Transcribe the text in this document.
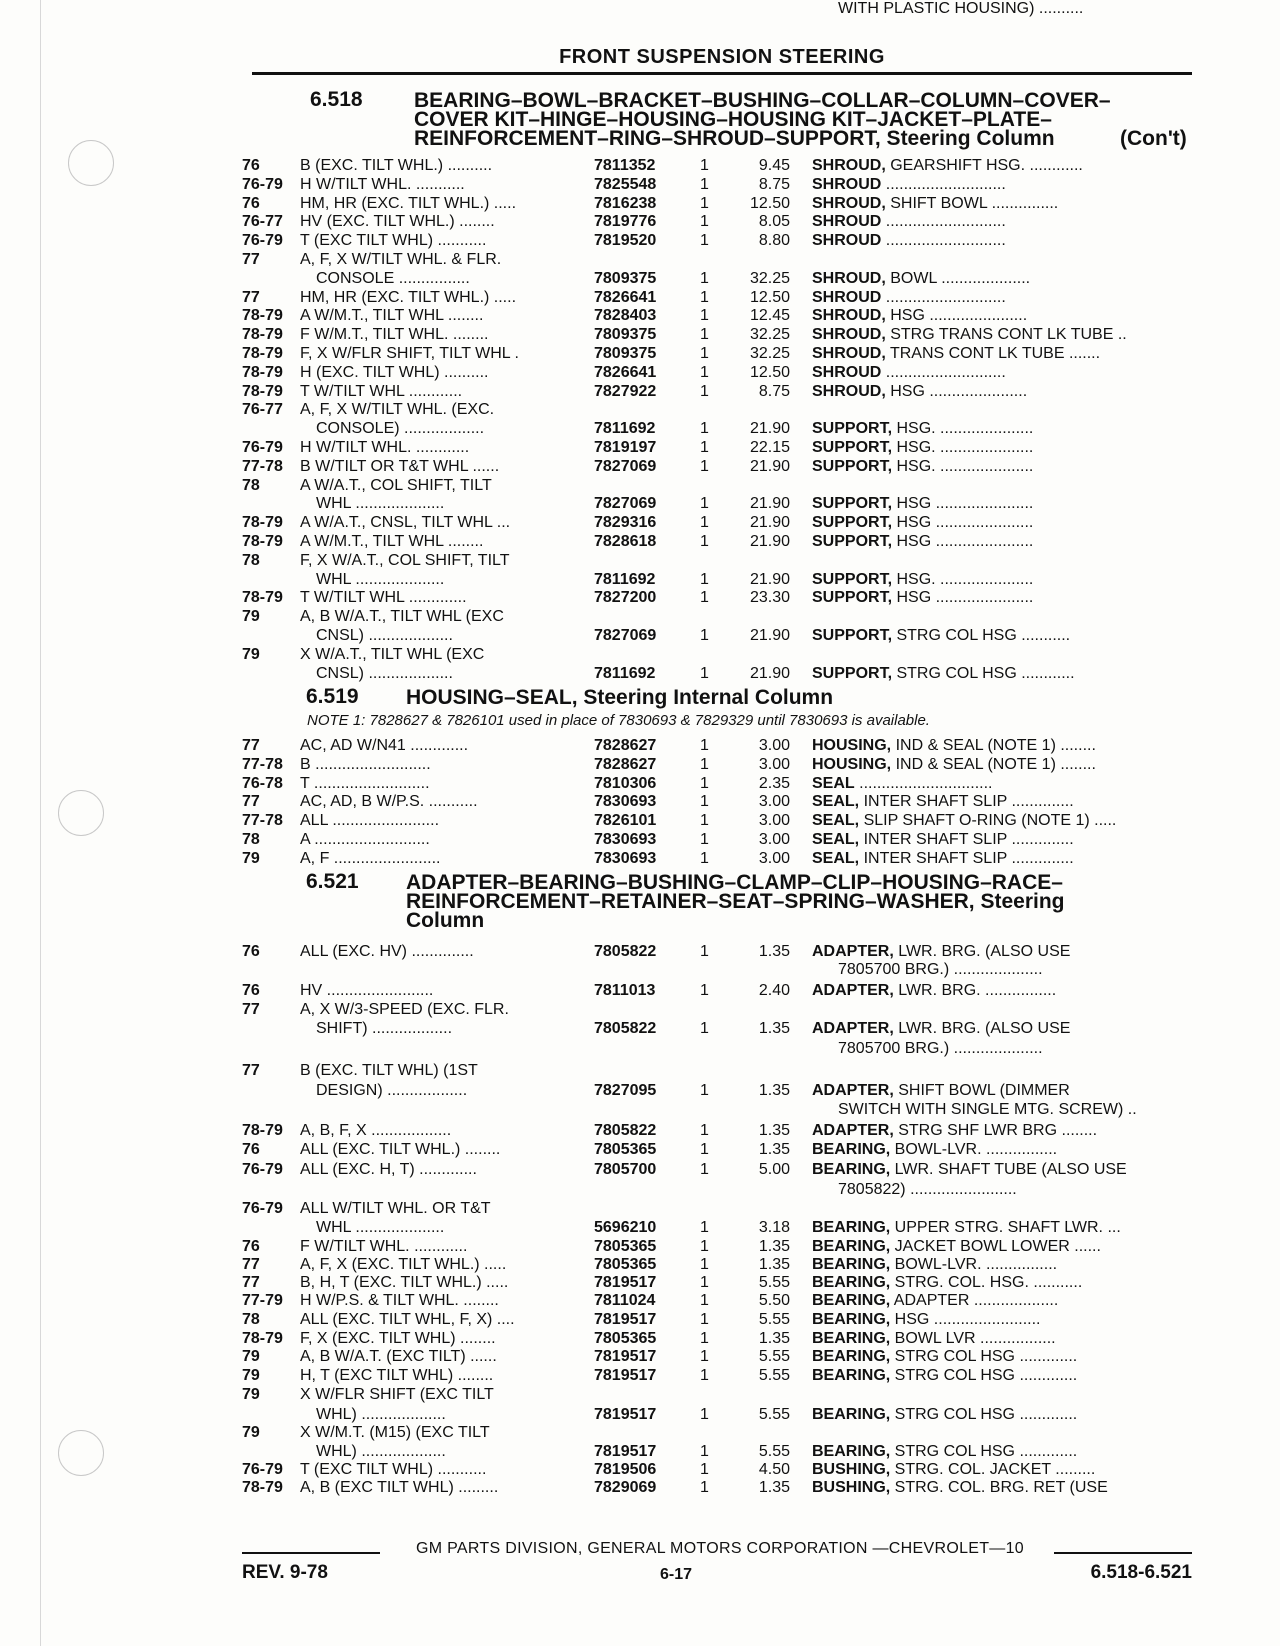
FRONT SUSPENSION STEERING
6.518 BEARING–BOWL–BRACKET–BUSHING–COLLAR–COLUMN–COVER–
COVER KIT–HINGE–HOUSING–HOUSING KIT–JACKET–PLATE–
REINFORCEMENT–RING–SHROUD–SUPPORT, Steering Column	(Con't)
6.519 HOUSING–SEAL, Steering Internal Column
NOTE 1: 7828627 & 7826101 used in place of 7830693 & 7829329 until 7830693 is available.
6.521 ADAPTER–BEARING–BUSHING–CLAMP–CLIP–HOUSING–RACE–
REINFORCEMENT–RETAINER–SEAT–SPRING–WASHER, Steering
Column
76	B (EXC. TILT WHL.) ..........	7811352	1	9.45 SHROUD, GEARSHIFT HSG. ............
76-79	H W/TILT WHL. ...........	7825548	1	8.75 SHROUD ...........................
76	HM, HR (EXC. TILT WHL.) .....	7816238	1	12.50 SHROUD, SHIFT BOWL ...............
76-77	HV (EXC. TILT WHL.) ........	7819776	1	8.05 SHROUD ...........................
76-79	T (EXC TILT WHL) ...........	7819520	1	8.80 SHROUD ...........................
77	A, F, X W/TILT WHL. & FLR.
CONSOLE ................	7809375	1	32.25 SHROUD, BOWL ....................
77	HM, HR (EXC. TILT WHL.) .....	7826641	1	12.50 SHROUD ...........................
78-79	A W/M.T., TILT WHL ........	7828403	1	12.45 SHROUD, HSG ......................
78-79	F W/M.T., TILT WHL. ........	7809375	1	32.25 SHROUD, STRG TRANS CONT LK TUBE ..
78-79	F, X W/FLR SHIFT, TILT WHL .	7809375	1	32.25 SHROUD, TRANS CONT LK TUBE .......
78-79	H (EXC. TILT WHL) ..........	7826641	1	12.50 SHROUD ...........................
78-79	T W/TILT WHL ............	7827922	1	8.75 SHROUD, HSG ......................
76-77	A, F, X W/TILT WHL. (EXC.
CONSOLE) ..................	7811692	1	21.90 SUPPORT, HSG. .....................
76-79	H W/TILT WHL. ............	7819197	1	22.15 SUPPORT, HSG. .....................
77-78	B W/TILT OR T&T WHL ......	7827069	1	21.90 SUPPORT, HSG. .....................
78	A W/A.T., COL SHIFT, TILT
WHL ....................	7827069	1	21.90 SUPPORT, HSG ......................
78-79	A W/A.T., CNSL, TILT WHL ...	7829316	1	21.90 SUPPORT, HSG ......................
78-79	A W/M.T., TILT WHL ........	7828618	1	21.90 SUPPORT, HSG ......................
78	F, X W/A.T., COL SHIFT, TILT
WHL ....................	7811692	1	21.90 SUPPORT, HSG. .....................
78-79	T W/TILT WHL .............	7827200	1	23.30 SUPPORT, HSG ......................
79	A, B W/A.T., TILT WHL (EXC
CNSL) ...................	7827069	1	21.90 SUPPORT, STRG COL HSG ...........
79	X W/A.T., TILT WHL (EXC
CNSL) ...................	7811692	1	21.90 SUPPORT, STRG COL HSG ............
77	AC, AD W/N41 .............	7828627	1	3.00 HOUSING, IND & SEAL (NOTE 1) ........
77-78	B ..........................	7828627	1	3.00 HOUSING, IND & SEAL (NOTE 1) ........
76-78	T ..........................	7810306	1	2.35 SEAL ..............................
77	AC, AD, B W/P.S. ...........	7830693	1	3.00 SEAL, INTER SHAFT SLIP ..............
77-78	ALL ........................	7826101	1	3.00 SEAL, SLIP SHAFT O-RING (NOTE 1) .....
78	A ..........................	7830693	1	3.00 SEAL, INTER SHAFT SLIP ..............
79	A, F ........................	7830693	1	3.00 SEAL, INTER SHAFT SLIP ..............
76	ALL (EXC. HV) ..............	7805822	1	1.35 ADAPTER, LWR. BRG. (ALSO USE
7805700 BRG.) ....................
76	HV ........................	7811013	1	2.40 ADAPTER, LWR. BRG. ................
77	A, X W/3-SPEED (EXC. FLR.
SHIFT) ..................	7805822	1	1.35 ADAPTER, LWR. BRG. (ALSO USE
7805700 BRG.) ....................
77	B (EXC. TILT WHL) (1ST
DESIGN) ..................	7827095	1	1.35 ADAPTER, SHIFT BOWL (DIMMER
SWITCH WITH SINGLE MTG. SCREW) ..
78-79	A, B, F, X ..................	7805822	1	1.35 ADAPTER, STRG SHF LWR BRG ........
76	ALL (EXC. TILT WHL.) ........	7805365	1	1.35 BEARING, BOWL-LVR. ................
76-79	ALL (EXC. H, T) .............	7805700	1	5.00 BEARING, LWR. SHAFT TUBE (ALSO USE
7805822) ........................
76-79	ALL W/TILT WHL. OR T&T
WHL ....................	5696210	1	3.18 BEARING, UPPER STRG. SHAFT LWR. ...
76	F W/TILT WHL. ............	7805365	1	1.35 BEARING, JACKET BOWL LOWER ......
77	A, F, X (EXC. TILT WHL.) .....	7805365	1	1.35 BEARING, BOWL-LVR. ................
77	B, H, T (EXC. TILT WHL.) .....	7819517	1	5.55 BEARING, STRG. COL. HSG. ...........
77-79	H W/P.S. & TILT WHL. ........	7811024	1	5.50 BEARING, ADAPTER ...................
78	ALL (EXC. TILT WHL, F, X) ....	7819517	1	5.55 BEARING, HSG ........................
78-79	F, X (EXC. TILT WHL) ........	7805365	1	1.35 BEARING, BOWL LVR .................
79	A, B W/A.T. (EXC TILT) ......	7819517	1	5.55 BEARING, STRG COL HSG .............
79	H, T (EXC TILT WHL) ........	7819517	1	5.55 BEARING, STRG COL HSG .............
79	X W/FLR SHIFT (EXC TILT
WHL) ...................	7819517	1	5.55 BEARING, STRG COL HSG .............
79	X W/M.T. (M15) (EXC TILT
WHL) ...................	7819517	1	5.55 BEARING, STRG COL HSG .............
76-79	T (EXC TILT WHL) ...........	7819506	1	4.50 BUSHING, STRG. COL. JACKET .........
78-79	A, B (EXC TILT WHL) .........	7829069	1	1.35 BUSHING, STRG. COL. BRG. RET (USE
WITH PLASTIC HOUSING) ..........
GM PARTS DIVISION, GENERAL MOTORS CORPORATION —CHEVROLET—10
REV. 9-78	6-17	6.518-6.521
